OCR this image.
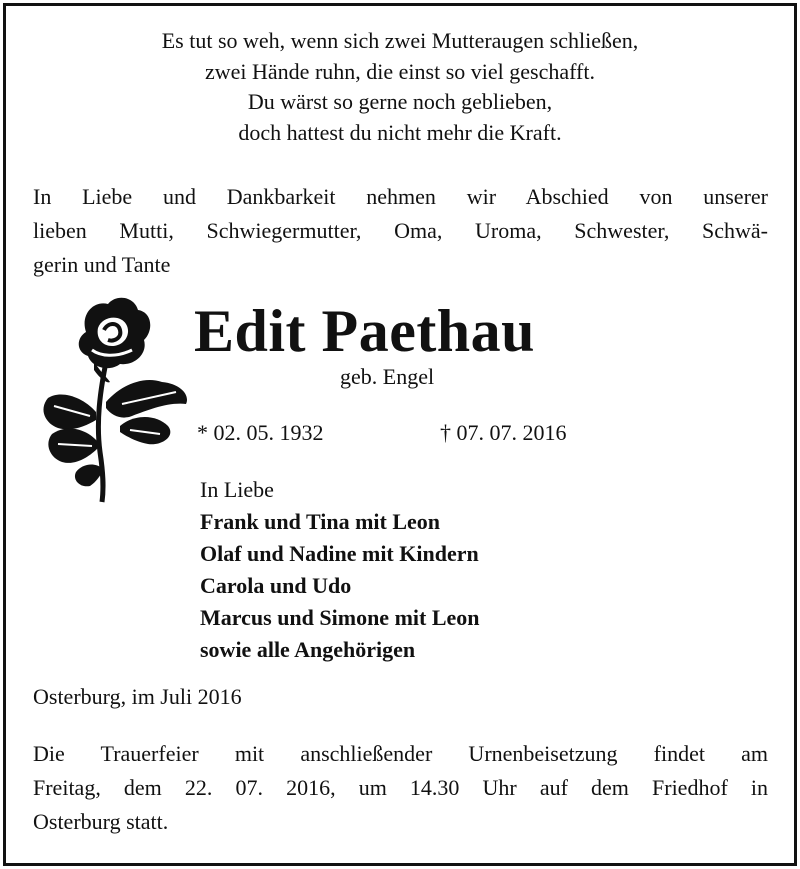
Es tut so weh, wenn sich zwei Mutteraugen schließen,
zwei Hände ruhn, die einst so viel geschafft.
Du wärst so gerne noch geblieben,
doch hattest du nicht mehr die Kraft.
In Liebe und Dankbarkeit nehmen wir Abschied von unserer
lieben Mutti, Schwiegermutter, Oma, Uroma, Schwester, Schwä-
gerin und Tante
Edit Paethau
geb. Engel
* 02. 05. 1932	† 07. 07. 2016
In Liebe
Frank und Tina mit Leon
Olaf und Nadine mit Kindern
Carola und Udo
Marcus und Simone mit Leon
sowie alle Angehörigen
Osterburg, im Juli 2016
Die Trauerfeier mit anschließender Urnenbeisetzung findet am
Freitag, dem 22. 07. 2016, um 14.30 Uhr auf dem Friedhof in
Osterburg statt.
